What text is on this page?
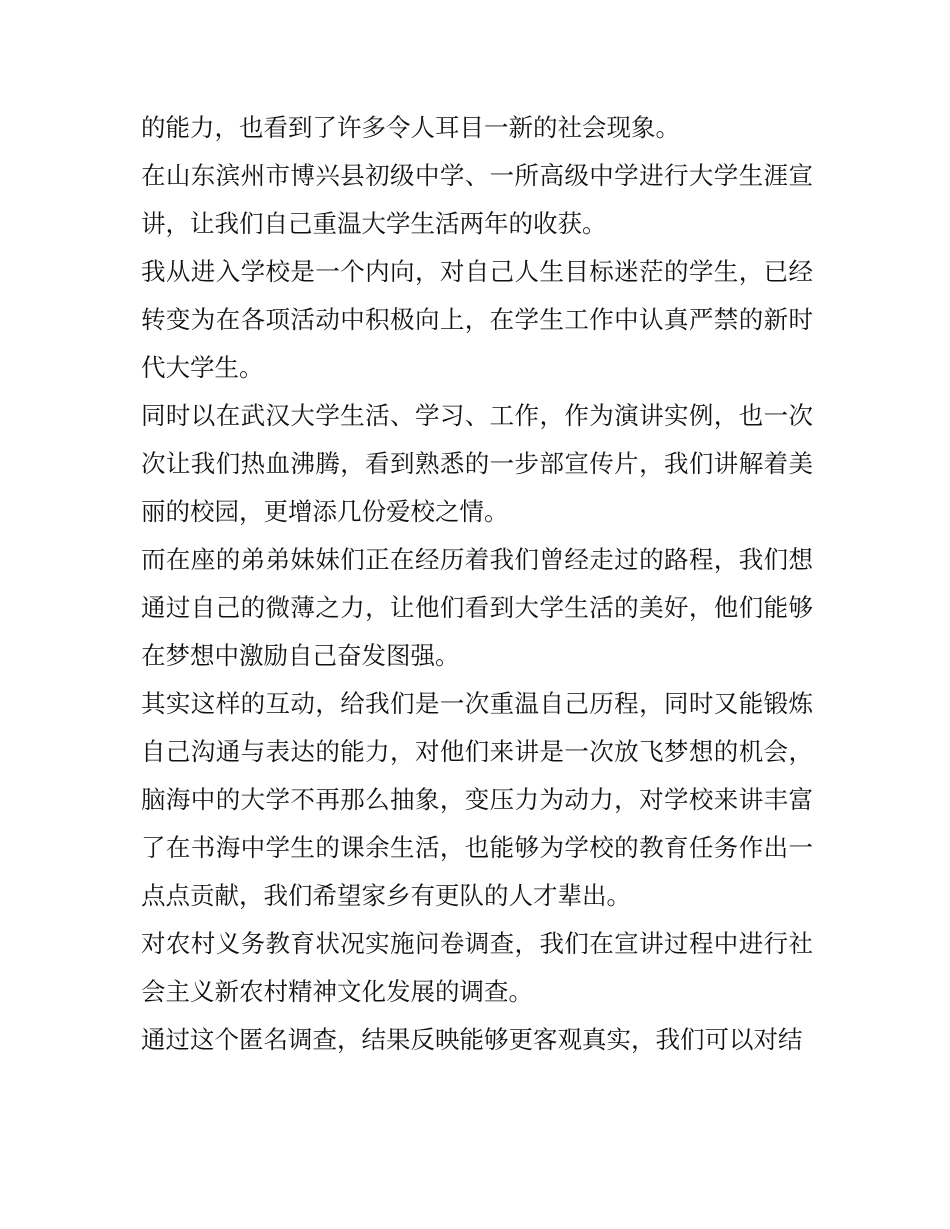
的能力，也看到了许多令人耳目一新的社会现象。

在山东滨州市博兴县初级中学、一所高级中学进行大学生涯宣讲，让我们自己重温大学生活两年的收获。

我从进入学校是一个内向，对自己人生目标迷茫的学生，已经转变为在各项活动中积极向上，在学生工作中认真严禁的新时代大学生。

同时以在武汉大学生活、学习、工作，作为演讲实例，也一次次让我们热血沸腾，看到熟悉的一步部宣传片，我们讲解着美丽的校园，更增添几份爱校之情。

而在座的弟弟妹妹们正在经历着我们曾经走过的路程，我们想通过自己的微薄之力，让他们看到大学生活的美好，他们能够在梦想中激励自己奋发图强。

其实这样的互动，给我们是一次重温自己历程，同时又能锻炼自己沟通与表达的能力，对他们来讲是一次放飞梦想的机会，脑海中的大学不再那么抽象，变压力为动力，对学校来讲丰富了在书海中学生的课余生活，也能够为学校的教育任务作出一点点贡献，我们希望家乡有更队的人才辈出。

对农村义务教育状况实施问卷调查，我们在宣讲过程中进行社会主义新农村精神文化发展的调查。

通过这个匿名调查，结果反映能够更客观真实，我们可以对结
